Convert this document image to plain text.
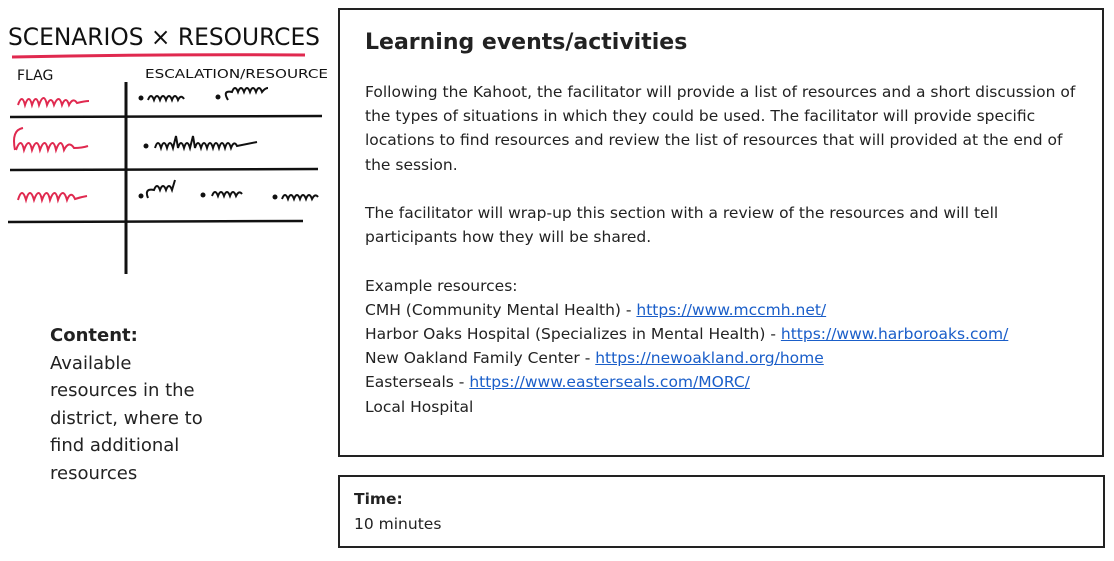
SCENARIOS × RESOURCES
FLAG	ESCALATION/RESOURCE
Content:
Available resources in the district, where to find additional resources
Learning events/activities

Following the Kahoot, the facilitator will provide a list of resources and a short discussion of the types of situations in which they could be used. The facilitator will provide specific locations to find resources and review the list of resources that will provided at the end of the session.

The facilitator will wrap-up this section with a review of the resources and will tell participants how they will be shared.

Example resources:

CMH (Community Mental Health) - https://www.mccmh.net/

Harbor Oaks Hospital (Specializes in Mental Health) - https://www.harboroaks.com/

New Oakland Family Center - https://newoakland.org/home

Easterseals - https://www.easterseals.com/MORC/

Local Hospital

Time:
10 minutes
